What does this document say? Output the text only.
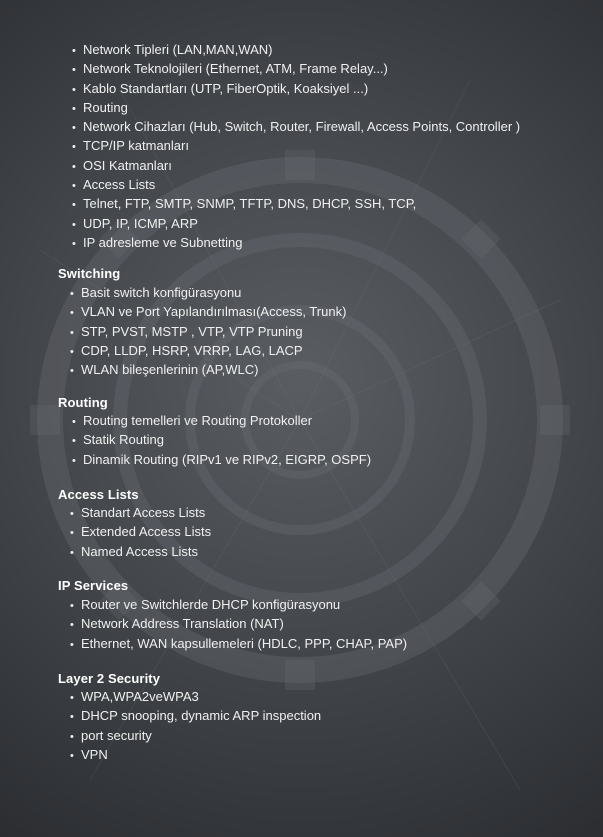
• Network Tipleri (LAN,MAN,WAN)
• Network Teknolojileri (Ethernet, ATM, Frame Relay...)
• Kablo Standartları (UTP, FiberOptik, Koaksiyel ...)
• Routing
• Network Cihazları (Hub, Switch, Router, Firewall, Access Points, Controller )
• TCP/IP katmanları
• OSI Katmanları
• Access Lists
• Telnet, FTP, SMTP, SNMP, TFTP, DNS, DHCP, SSH, TCP,
• UDP, IP, ICMP, ARP
• IP adresleme ve Subnetting
Switching
• Basit switch konfigürasyonu
• VLAN ve Port Yapılandırılması(Access, Trunk)
• STP, PVST, MSTP , VTP, VTP Pruning
• CDP, LLDP, HSRP, VRRP, LAG, LACP
• WLAN bileşenlerinin (AP,WLC)
Routing
• Routing temelleri ve Routing Protokoller
• Statik Routing
• Dinamik Routing (RIPv1 ve RIPv2, EIGRP, OSPF)
Access Lists
• Standart Access Lists
• Extended Access Lists
• Named Access Lists
IP Services
• Router ve Switchlerde DHCP konfigürasyonu
• Network Address Translation (NAT)
• Ethernet, WAN kapsullemeleri (HDLC, PPP, CHAP, PAP)
Layer 2 Security
• WPA,WPA2veWPA3
• DHCP snooping, dynamic ARP inspection
• port security
• VPN
